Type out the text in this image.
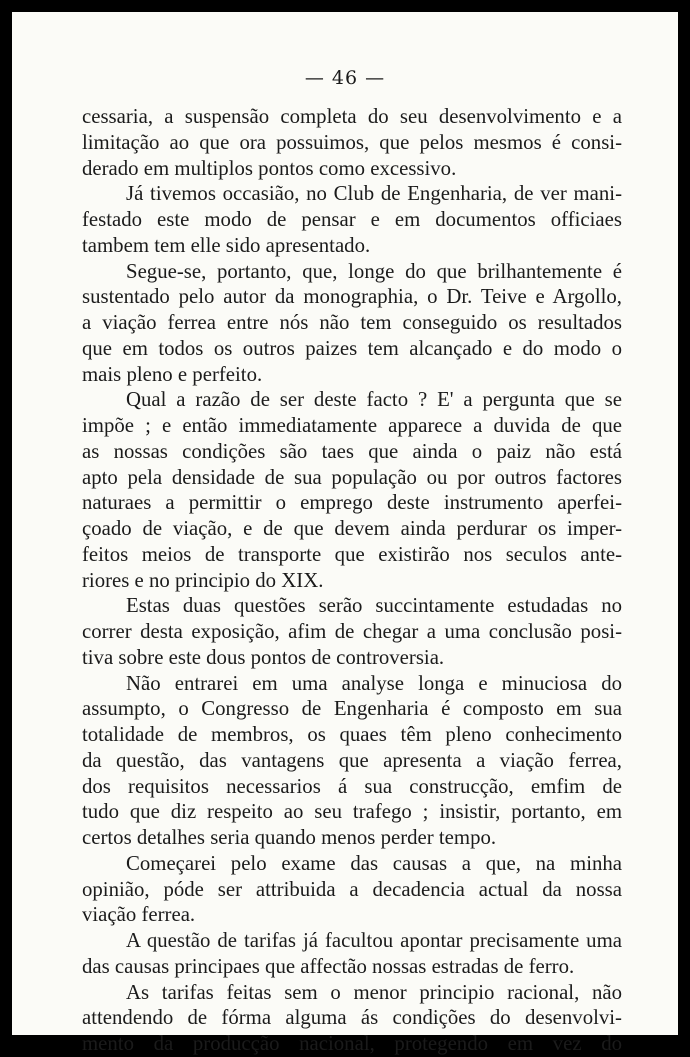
— 46 —
cessaria, a suspensão completa do seu desenvolvimento e a
limitação ao que ora possuimos, que pelos mesmos é consi-
derado em multiplos pontos como excessivo.
Já tivemos occasião, no Club de Engenharia, de ver mani-
festado este modo de pensar e em documentos officiaes
tambem tem elle sido apresentado.
Segue-se, portanto, que, longe do que brilhantemente é
sustentado pelo autor da monographia, o Dr. Teive e Argollo,
a viação ferrea entre nós não tem conseguido os resultados
que em todos os outros paizes tem alcançado e do modo o
mais pleno e perfeito.
Qual a razão de ser deste facto ? E' a pergunta que se
impõe ; e então immediatamente apparece a duvida de que
as nossas condições são taes que ainda o paiz não está
apto pela densidade de sua população ou por outros factores
naturaes a permittir o emprego deste instrumento aperfei-
çoado de viação, e de que devem ainda perdurar os imper-
feitos meios de transporte que existirão nos seculos ante-
riores e no principio do XIX.
Estas duas questões serão succintamente estudadas no
correr desta exposição, afim de chegar a uma conclusão posi-
tiva sobre este dous pontos de controversia.
Não entrarei em uma analyse longa e minuciosa do
assumpto, o Congresso de Engenharia é composto em sua
totalidade de membros, os quaes têm pleno conhecimento
da questão, das vantagens que apresenta a viação ferrea,
dos requisitos necessarios á sua construcção, emfim de
tudo que diz respeito ao seu trafego ; insistir, portanto, em
certos detalhes seria quando menos perder tempo.
Começarei pelo exame das causas a que, na minha
opinião, póde ser attribuida a decadencia actual da nossa
viação ferrea.
A questão de tarifas já facultou apontar precisamente uma
das causas principaes que affectão nossas estradas de ferro.
As tarifas feitas sem o menor principio racional, não
attendendo de fórma alguma ás condições do desenvolvi-
mento da producção nacional, protegendo em vez do
